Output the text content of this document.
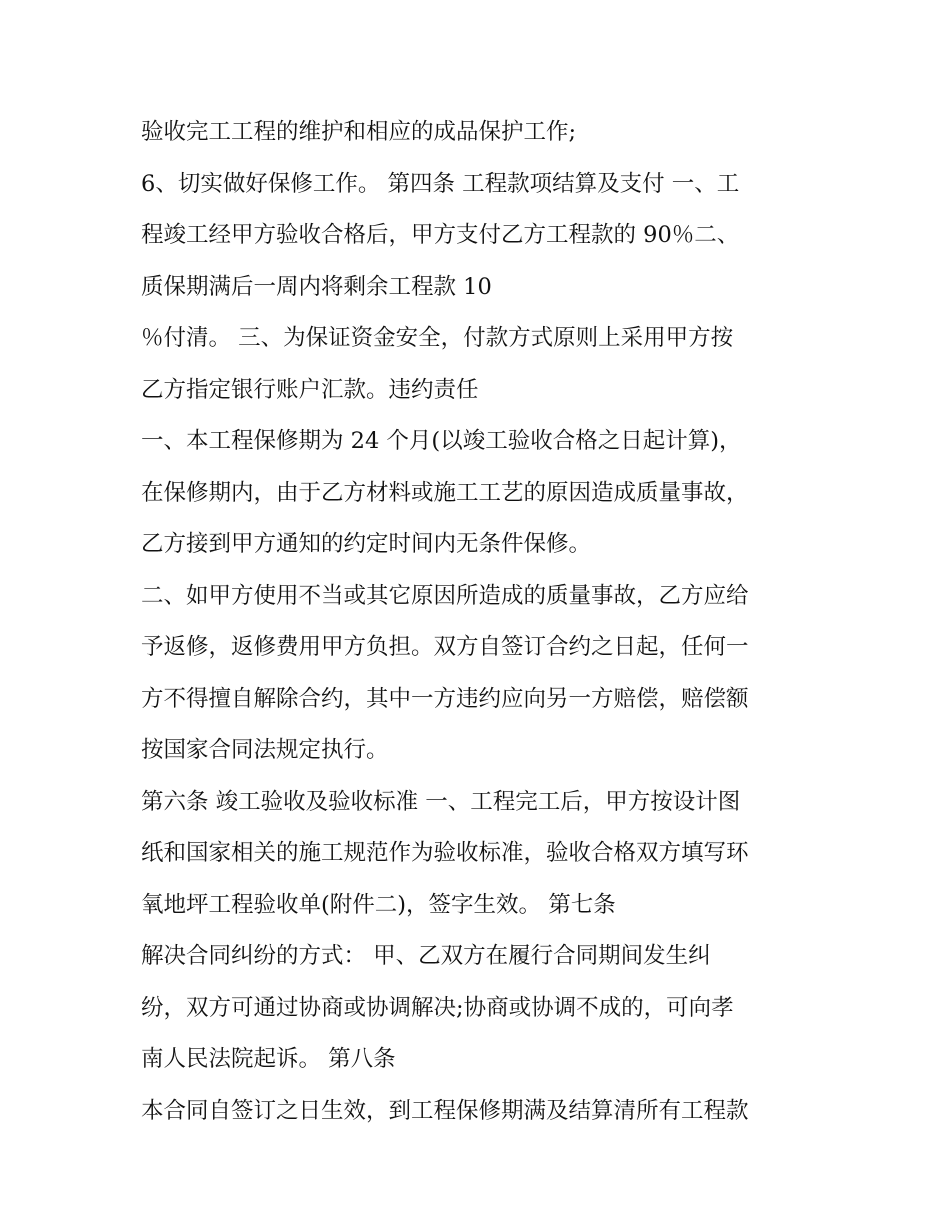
验收完工工程的维护和相应的成品保护工作;
6、切实做好保修工作。 第四条 工程款项结算及支付 一、工
程竣工经甲方验收合格后，甲方支付乙方工程款的 90％二、
质保期满后一周内将剩余工程款 10
％付清。 三、为保证资金安全，付款方式原则上采用甲方按
乙方指定银行账户汇款。违约责任
一、本工程保修期为 24 个月(以竣工验收合格之日起计算)，
在保修期内，由于乙方材料或施工工艺的原因造成质量事故，
乙方接到甲方通知的约定时间内无条件保修。
二、如甲方使用不当或其它原因所造成的质量事故，乙方应给
予返修，返修费用甲方负担。双方自签订合约之日起，任何一
方不得擅自解除合约，其中一方违约应向另一方赔偿，赔偿额
按国家合同法规定执行。
第六条 竣工验收及验收标准 一、工程完工后，甲方按设计图
纸和国家相关的施工规范作为验收标准，验收合格双方填写环
氧地坪工程验收单(附件二)，签字生效。 第七条
解决合同纠纷的方式： 甲、乙双方在履行合同期间发生纠
纷，双方可通过协商或协调解决;协商或协调不成的，可向孝
南人民法院起诉。 第八条
本合同自签订之日生效，到工程保修期满及结算清所有工程款
